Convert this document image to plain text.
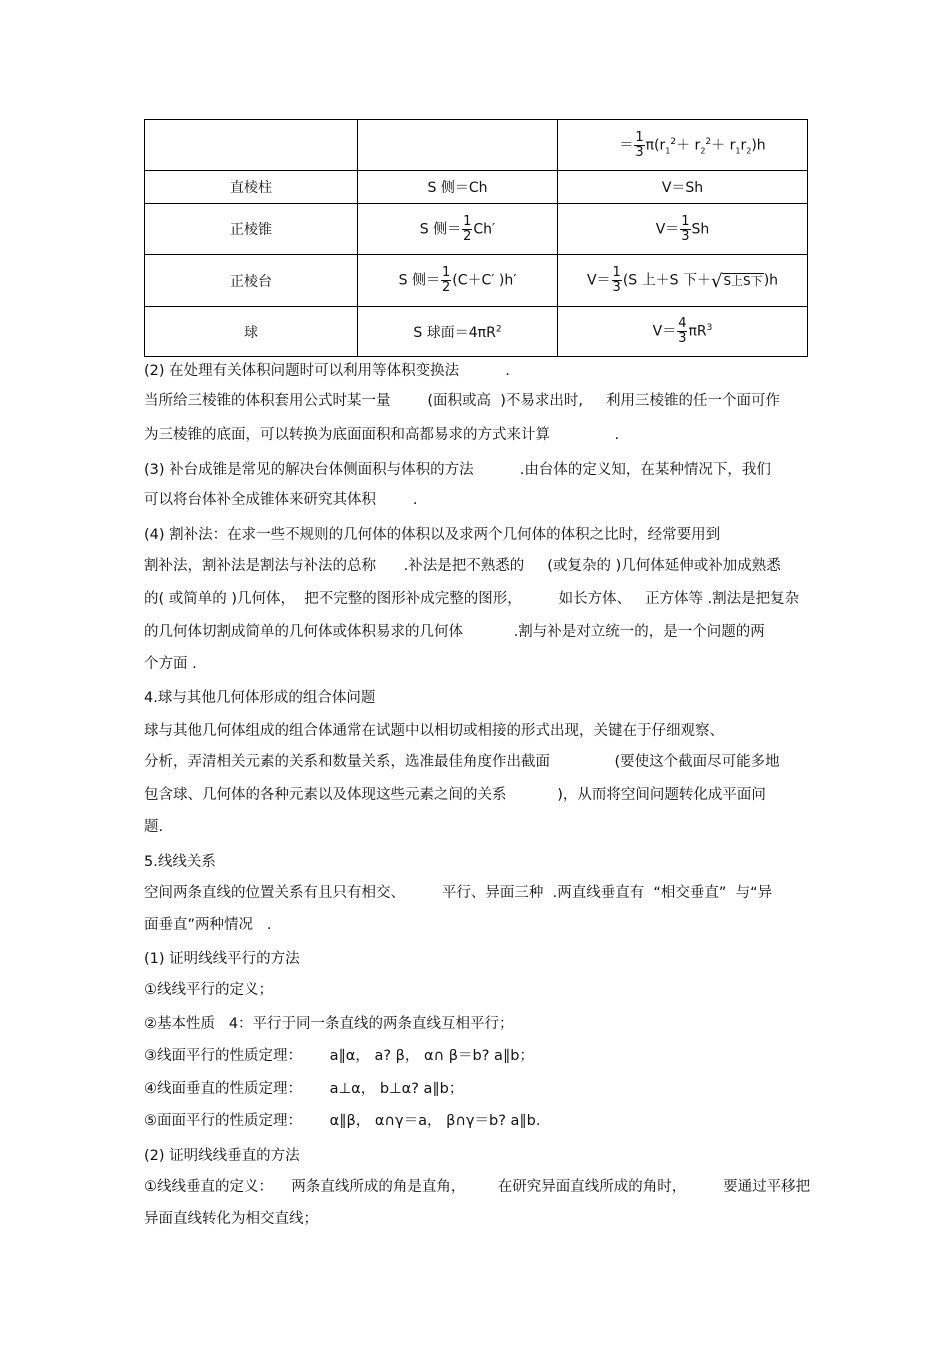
		＝ $\frac{1}{3} \pi(r_1^2+ r_2^2+ r_1r_2)h$
直棱柱	S 侧＝Ch	V＝Sh
正棱锥	S 侧＝ $\frac{1}{2} Ch'$	$V= \frac{1}{3}$ Sh
正棱台	S 侧＝ $\frac{1}{2} (C+C'$ )h′	$V= \frac{1}{3} (S$ 上＋S 下＋√S上S下)h
球	S 球面$=4\pi R^2$	$V= \frac{4}{3} \pi R^3$
(2) 在处理有关体积问题时可以利用等体积变换法          .
当所给三棱锥的体积套用公式时某一量        (面积或高  )不易求出时,     利用三棱锥的任一个面可作
为三棱锥的底面，可以转换为底面面积和高都易求的方式来计算              .
(3) 补台成锥是常见的解决台体侧面积与体积的方法          .由台体的定义知，在某种情况下，我们
可以将台体补全成锥体来研究其体积        .
(4) 割补法：在求一些不规则的几何体的体积以及求两个几何体的体积之比时，经常要用到
割补法，割补法是割法与补法的总称      .补法是把不熟悉的     (或复杂的 )几何体延伸或补加成熟悉
的( 或简单的 )几何体，  把不完整的图形补成完整的图形，        如长方体、   正方体等 .割法是把复杂
的几何体切割成简单的几何体或体积易求的几何体           .割与补是对立统一的，是一个问题的两
个方面 .
4.球与其他几何体形成的组合体问题
球与其他几何体组成的组合体通常在试题中以相切或相接的形式出现，关键在于仔细观察、
分析，弄清相关元素的关系和数量关系，选准最佳角度作出截面              (要使这个截面尽可能多地
包含球、几何体的各种元素以及体现这些元素之间的关系           )，从而将空间问题转化成平面问
题.
5.线线关系
空间两条直线的位置关系有且只有相交、        平行、异面三种  .两直线垂直有  “相交垂直”  与“异
面垂直”两种情况   .
(1) 证明线线平行的方法
①线线平行的定义；
②基本性质   4：平行于同一条直线的两条直线互相平行；
③线面平行的性质定理：      a∥α， a? β， α∩ β＝b? a∥b；
④线面垂直的性质定理：      a⊥α， b⊥α? a∥b；
⑤面面平行的性质定理：      α∥β， α∩γ＝a， β∩γ＝b? a∥b.
(2) 证明线线垂直的方法
①线线垂直的定义：    两条直线所成的角是直角，       在研究异面直线所成的角时，        要通过平移把
异面直线转化为相交直线；
